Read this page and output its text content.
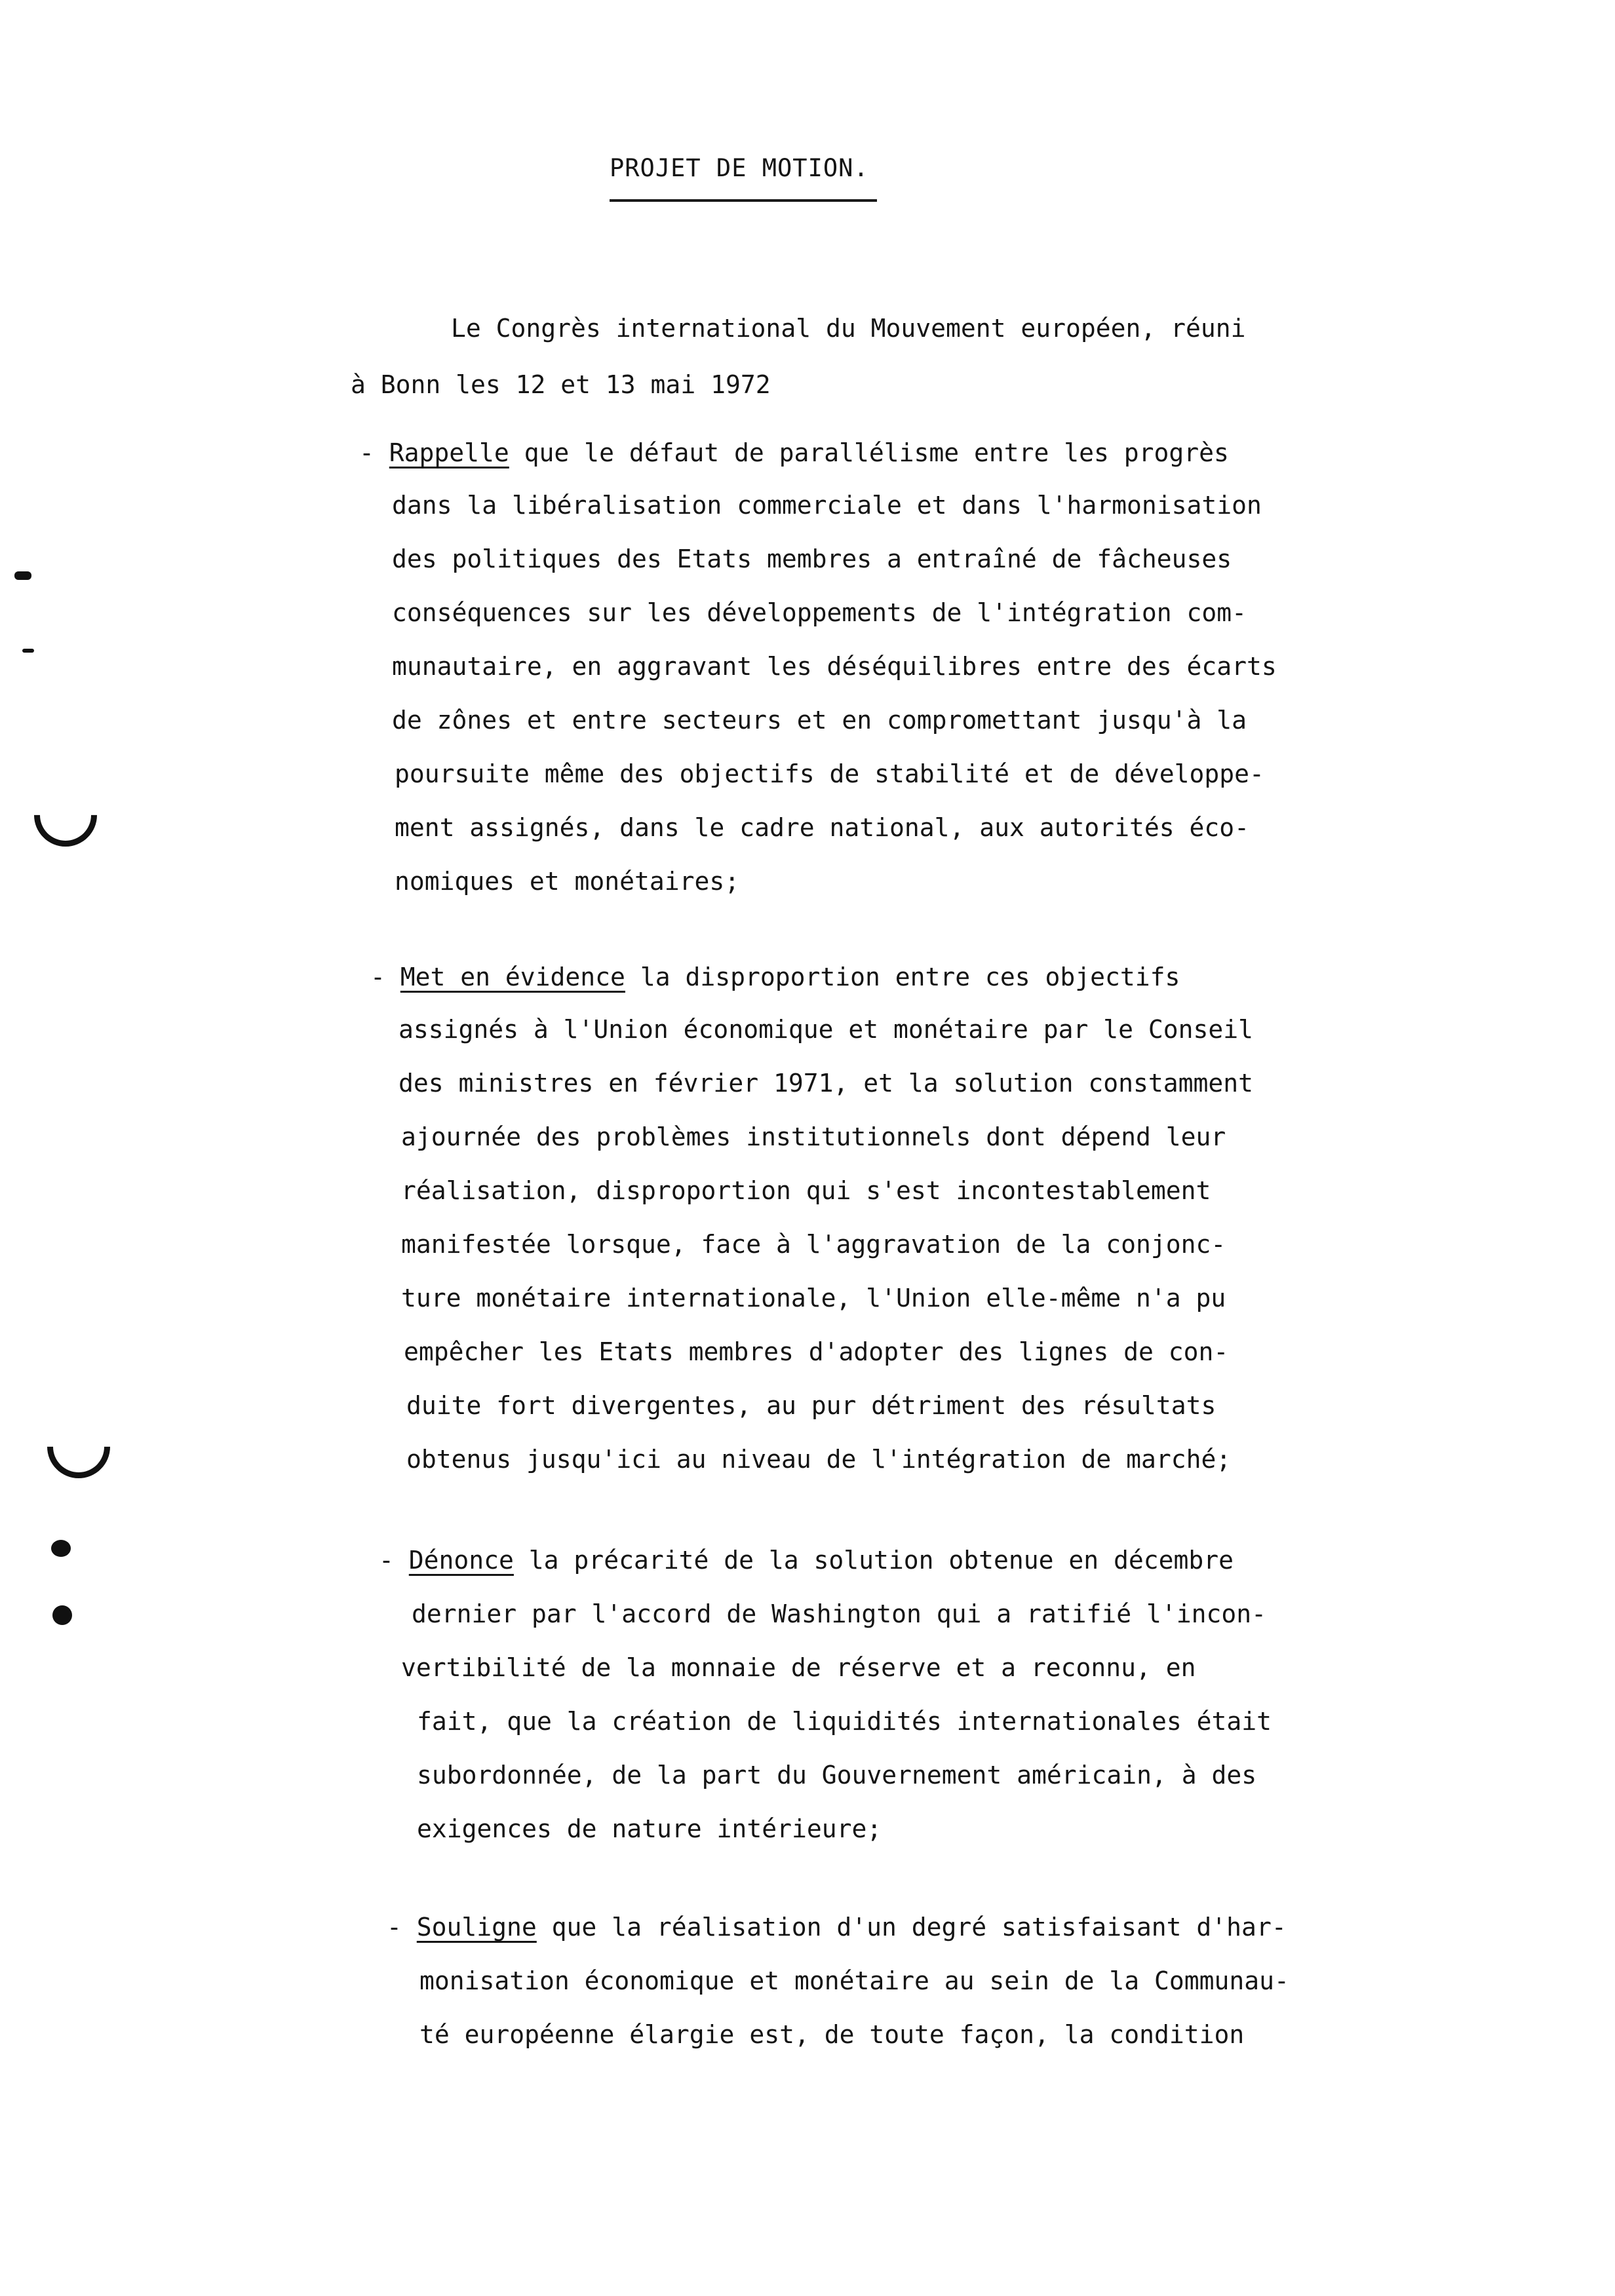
PROJET DE MOTION.
Le Congrès international du Mouvement européen, réuni
à Bonn les 12 et 13 mai 1972
- Rappelle que le défaut de parallélisme entre les progrès
dans la libéralisation commerciale et dans l'harmonisation
des politiques des Etats membres a entraîné de fâcheuses
conséquences sur les développements de l'intégration com-
munautaire, en aggravant les déséquilibres entre des écarts
de zônes et entre secteurs et en compromettant jusqu'à la
poursuite même des objectifs de stabilité et de développe-
ment assignés, dans le cadre national, aux autorités éco-
nomiques et monétaires;
- Met en évidence la disproportion entre ces objectifs
assignés à l'Union économique et monétaire par le Conseil
des ministres en février 1971, et la solution constamment
ajournée des problèmes institutionnels dont dépend leur
réalisation, disproportion qui s'est incontestablement
manifestée lorsque, face à l'aggravation de la conjonc-
ture monétaire internationale, l'Union elle-même n'a pu
empêcher les Etats membres d'adopter des lignes de con-
duite fort divergentes, au pur détriment des résultats
obtenus jusqu'ici au niveau de l'intégration de marché;
- Dénonce la précarité de la solution obtenue en décembre
dernier par l'accord de Washington qui a ratifié l'incon-
vertibilité de la monnaie de réserve et a reconnu, en
fait, que la création de liquidités internationales était
subordonnée, de la part du Gouvernement américain, à des
exigences de nature intérieure;
- Souligne que la réalisation d'un degré satisfaisant d'har-
monisation économique et monétaire au sein de la Communau-
té européenne élargie est, de toute façon, la condition
